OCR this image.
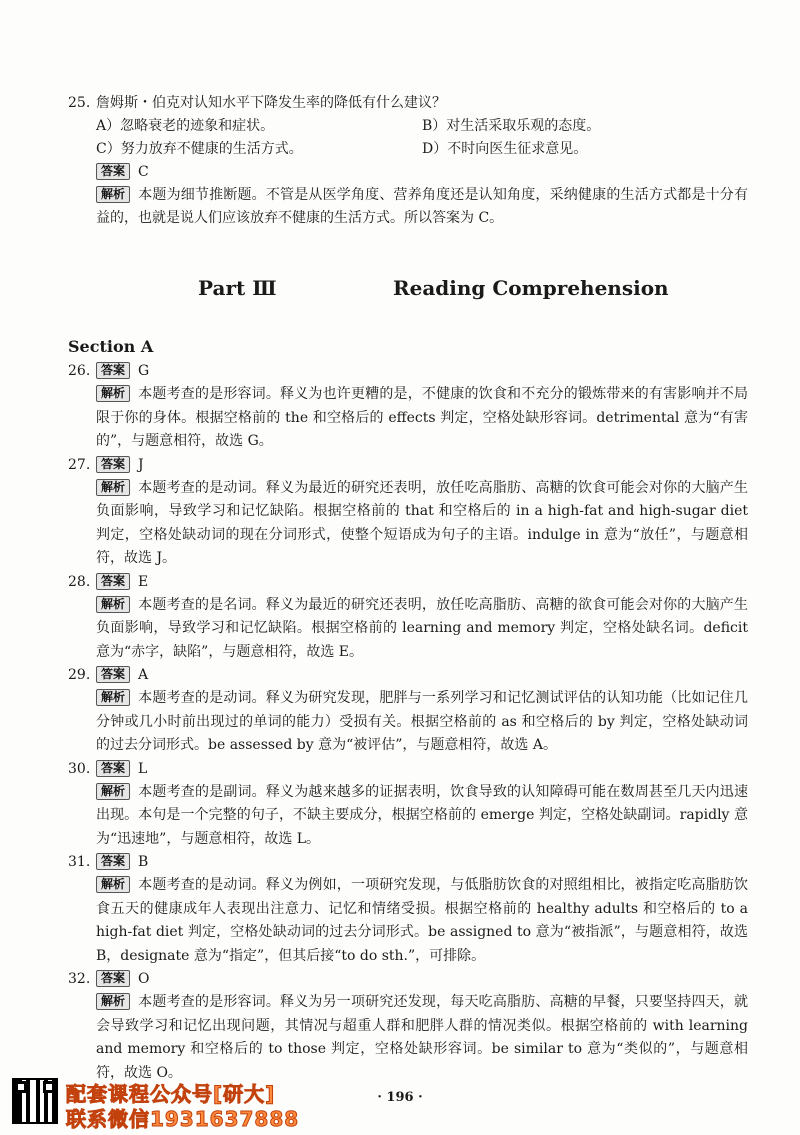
25. 詹姆斯・伯克对认知水平下降发生率的降低有什么建议？
A）忽略衰老的迹象和症状。	B）对生活采取乐观的态度。
C）努力放弃不健康的生活方式。	D）不时向医生征求意见。
答案 C
解析 本题为细节推断题。不管是从医学角度、营养角度还是认知角度，采纳健康的生活方式都是十分有益的，也就是说人们应该放弃不健康的生活方式。所以答案为 C。
Part Ⅲ	Reading Comprehension
Section A
26. 答案 G
解析 本题考查的是形容词。释义为也许更糟的是，不健康的饮食和不充分的锻炼带来的有害影响并不局限于你的身体。根据空格前的 the 和空格后的 effects 判定，空格处缺形容词。detrimental 意为“有害的”，与题意相符，故选 G。
27. 答案 J
解析 本题考查的是动词。释义为最近的研究还表明，放任吃高脂肪、高糖的饮食可能会对你的大脑产生负面影响，导致学习和记忆缺陷。根据空格前的 that 和空格后的 in a high-fat and high-sugar diet 判定，空格处缺动词的现在分词形式，使整个短语成为句子的主语。indulge in 意为“放任”，与题意相符，故选 J。
28. 答案 E
解析 本题考查的是名词。释义为最近的研究还表明，放任吃高脂肪、高糖的欲食可能会对你的大脑产生负面影响，导致学习和记忆缺陷。根据空格前的 learning and memory 判定，空格处缺名词。deficit 意为“赤字，缺陷”，与题意相符，故选 E。
29. 答案 A
解析 本题考查的是动词。释义为研究发现，肥胖与一系列学习和记忆测试评估的认知功能（比如记住几分钟或几小时前出现过的单词的能力）受损有关。根据空格前的 as 和空格后的 by 判定，空格处缺动词的过去分词形式。be assessed by 意为“被评估”，与题意相符，故选 A。
30. 答案 L
解析 本题考查的是副词。释义为越来越多的证据表明，饮食导致的认知障碍可能在数周甚至几天内迅速出现。本句是一个完整的句子，不缺主要成分，根据空格前的 emerge 判定，空格处缺副词。rapidly 意为“迅速地”，与题意相符，故选 L。
31. 答案 B
解析 本题考查的是动词。释义为例如，一项研究发现，与低脂肪饮食的对照组相比，被指定吃高脂肪饮食五天的健康成年人表现出注意力、记忆和情绪受损。根据空格前的 healthy adults 和空格后的 to a high-fat diet 判定，空格处缺动词的过去分词形式。be assigned to 意为“被指派”，与题意相符，故选 B，designate 意为“指定”，但其后接“to do sth.”，可排除。
32. 答案 O
解析 本题考查的是形容词。释义为另一项研究还发现，每天吃高脂肪、高糖的早餐，只要坚持四天，就会导致学习和记忆出现问题，其情况与超重人群和肥胖人群的情况类似。根据空格前的 with learning and memory 和空格后的 to those 判定，空格处缺形容词。be similar to 意为“类似的”，与题意相符，故选 O。
· 196 ·
配套课程公众号[研大]
联系微信1931637888
